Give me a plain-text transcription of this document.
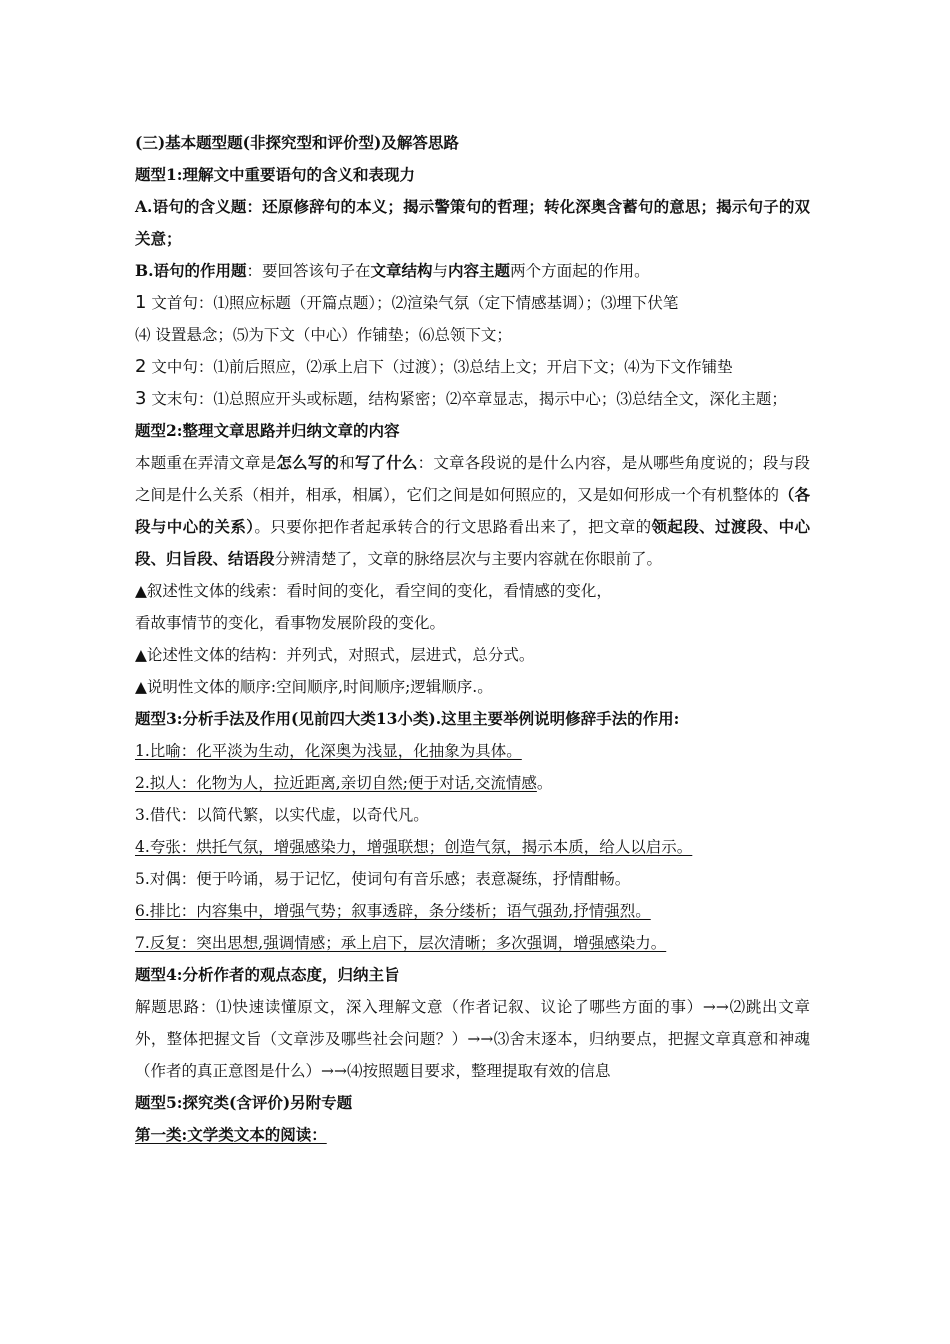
(三)基本题型题(非探究型和评价型)及解答思路

题型1:理解文中重要语句的含义和表现力

A.语句的含义题：还原修辞句的本义；揭示警策句的哲理；转化深奥含蓄句的意思；揭示句子的双关意；

B.语句的作用题：要回答该句子在文章结构与内容主题两个方面起的作用。

1 文首句：⑴照应标题（开篇点题）；⑵渲染气氛（定下情感基调）；⑶埋下伏笔

⑷ 设置悬念；⑸为下文（中心）作铺垫；⑹总领下文；

2 文中句：⑴前后照应，⑵承上启下（过渡）；⑶总结上文；开启下文；⑷为下文作铺垫

3 文末句：⑴总照应开头或标题，结构紧密；⑵卒章显志，揭示中心；⑶总结全文，深化主题；

题型2:整理文章思路并归纳文章的内容

本题重在弄清文章是怎么写的和写了什么：文章各段说的是什么内容，是从哪些角度说的；段与段之间是什么关系（相并，相承，相属），它们之间是如何照应的，又是如何形成一个有机整体的（各段与中心的关系）。只要你把作者起承转合的行文思路看出来了，把文章的领起段、过渡段、中心段、归旨段、结语段分辨清楚了，文章的脉络层次与主要内容就在你眼前了。

▲叙述性文体的线索：看时间的变化，看空间的变化，看情感的变化，

看故事情节的变化，看事物发展阶段的变化。

▲论述性文体的结构：并列式，对照式，层进式，总分式。

▲说明性文体的顺序:空间顺序,时间顺序;逻辑顺序.。

题型3:分析手法及作用(见前四大类13小类).这里主要举例说明修辞手法的作用:

1.比喻：化平淡为生动，化深奥为浅显，化抽象为具体。

2.拟人：化物为人，拉近距离,亲切自然;便于对话,交流情感。

3.借代：以简代繁，以实代虚，以奇代凡。

4.夸张：烘托气氛，增强感染力，增强联想；创造气氛，揭示本质，给人以启示。

5.对偶：便于吟诵，易于记忆，使词句有音乐感；表意凝练，抒情酣畅。

6.排比：内容集中，增强气势；叙事透辟，条分缕析；语气强劲,抒情强烈。

7.反复：突出思想,强调情感；承上启下，层次清晰；多次强调，增强感染力。

题型4:分析作者的观点态度，归纳主旨

解题思路：⑴快速读懂原文，深入理解文意（作者记叙、议论了哪些方面的事）→→⑵跳出文章外，整体把握文旨（文章涉及哪些社会问题？）→→⑶舍末逐本，归纳要点，把握文章真意和神魂（作者的真正意图是什么）→→⑷按照题目要求，整理提取有效的信息

题型5:探究类(含评价)另附专题

第一类:文学类文本的阅读：
